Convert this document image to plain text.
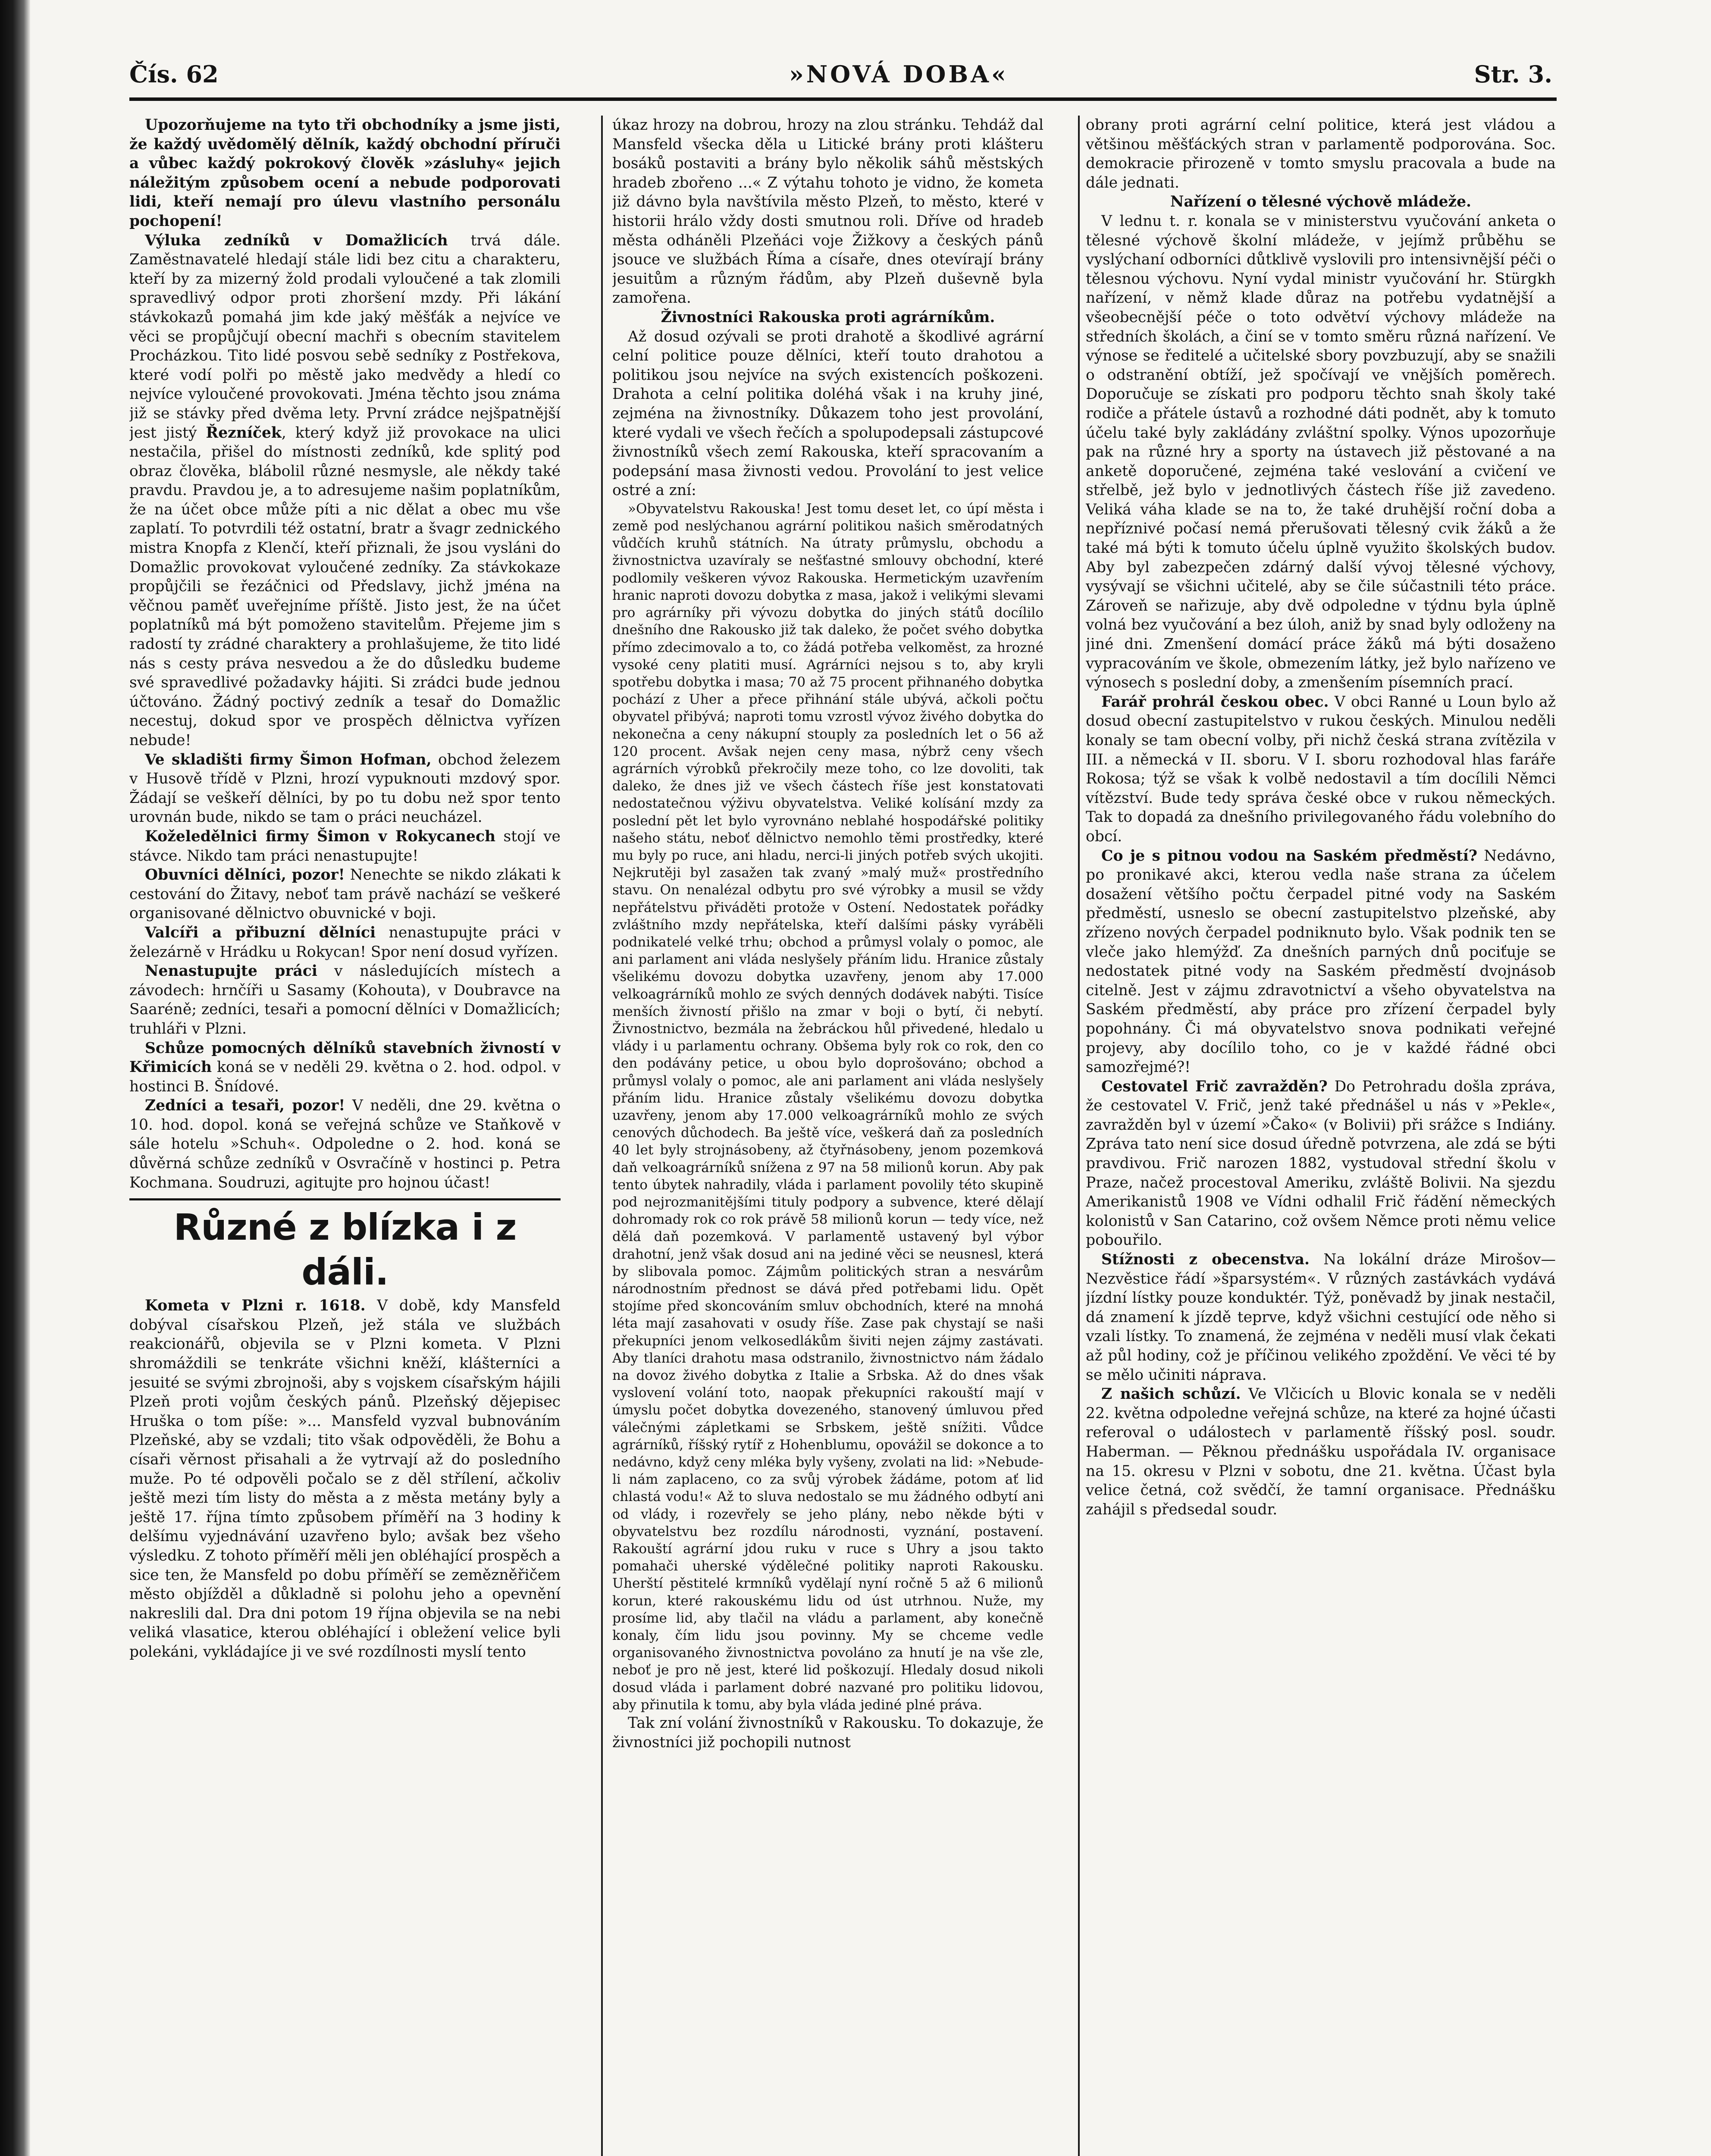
Čís. 62	»NOVÁ DOBA«	Str. 3.

Upozorňujeme na tyto tři obchodníky a jsme jisti, že každý uvědomělý dělník, každý obchodní příruči a vůbec každý pokrokový člověk »zásluhy« jejich náležitým způsobem ocení a nebude podporovati lidi, kteří nemají pro úlevu vlastního personálu pochopení!

Výluka zedníků v Domažlicích trvá dále. Zaměstnavatelé hledají stále lidi bez citu a charakteru, kteří by za mizerný žold prodali vyloučené a tak zlomili spravedlivý odpor proti zhoršení mzdy. Při lákání stávkokazů pomahá jim kde jaký měšťák a nejvíce ve věci se propůjčují obecní machři s obecním stavitelem Procházkou. Tito lidé posvou sebě sedníky z Postřekova, které vodí polři po městě jako medvědy a hledí co nejvíce vyloučené provokovati. Jména těchto jsou známa již se stávky před dvěma lety. První zrádce nejšpatnější jest jistý Řezníček, který když již provokace na ulici nestačila, přišel do místnosti zedníků, kde splitý pod obraz člověka, blábolil různé nesmysle, ale někdy také pravdu. Pravdou je, a to adresujeme našim poplatníkům, že na účet obce může píti a nic dělat a obec mu vše zaplatí. To potvrdili též ostatní, bratr a švagr zednického mistra Knopfa z Klenčí, kteří přiznali, že jsou vysláni do Domažlic provokovat vyloučené zedníky. Za stávkokaze propůjčili se řezáčnici od Předslavy, jichž jména na věčnou paměť uveřejníme příště. Jisto jest, že na účet poplatníků má být pomoženo stavitelům. Přejeme jim s radostí ty zrádné charaktery a prohlašujeme, že tito lidé nás s cesty práva nesvedou a že do důsledku budeme své spravedlivé požadavky hájiti. Si zrádci bude jednou účtováno. Žádný poctivý zedník a tesař do Domažlic necestuj, dokud spor ve prospěch dělnictva vyřízen nebude!

Ve skladišti firmy Šimon Hofman, obchod železem v Husově třídě v Plzni, hrozí vypuknouti mzdový spor. Žádají se veškeří dělníci, by po tu dobu než spor tento urovnán bude, nikdo se tam o práci neucházel.

Koželedělnici firmy Šimon v Rokycanech stojí ve stávce. Nikdo tam práci nenastupujte!

Obuvníci dělníci, pozor! Nenechte se nikdo zlákati k cestování do Žitavy, neboť tam právě nachází se veškeré organisované dělnictvo obuvnické v boji.

Valcíři a přibuzní dělníci nenastupujte práci v železárně v Hrádku u Rokycan! Spor není dosud vyřízen.

Nenastupujte práci v následujících místech a závodech: hrnčíři u Sasamy (Kohouta), v Doubravce na Saaréně; zedníci, tesaři a pomocní dělníci v Domažlicích; truhláři v Plzni.

Schůze pomocných dělníků stavebních živností v Křimicích koná se v neděli 29. května o 2. hod. odpol. v hostinci B. Šnídové.

Zedníci a tesaři, pozor! V neděli, dne 29. května o 10. hod. dopol. koná se veřejná schůze ve Staňkově v sále hotelu »Schuh«. Odpoledne o 2. hod. koná se důvěrná schůze zedníků v Osvračíně v hostinci p. Petra Kochmana. Soudruzi, agitujte pro hojnou účast!

Různé z blízka i z dáli.

Kometa v Plzni r. 1618. V době, kdy Mansfeld dobýval císařskou Plzeň, jež stála ve službách reakcionářů, objevila se v Plzni kometa. V Plzni shromáždili se tenkráte všichni kněží, klášterníci a jesuité se svými zbrojnoši, aby s vojskem císařským hájili Plzeň proti vojům českých pánů. Plzeňský dějepisec Hruška o tom píše: »... Mansfeld vyzval bubnováním Plzeňské, aby se vzdali; tito však odpověděli, že Bohu a císaři věrnost přisahali a že vytrvají až do posledního muže. Po té odpověli počalo se z děl střílení, ačkoliv ještě mezi tím listy do města a z města metány byly a ještě 17. října tímto způsobem příměří na 3 hodiny k delšímu vyjednávání uzavřeno bylo; avšak bez všeho výsledku. Z tohoto příměří měli jen obléhající prospěch a sice ten, že Mansfeld po dobu příměří se zemězněřičem město objížděl a důkladně si polohu jeho a opevnění nakreslili dal. Dra dni potom 19 října objevila se na nebi veliká vlasatice, kterou obléhající i obležení velice byli polekáni, vykládajíce ji ve své rozdílnosti myslí tento

úkaz hrozy na dobrou, hrozy na zlou stránku. Tehdáž dal Mansfeld všecka děla u Litické brány proti klášteru bosáků postaviti a brány bylo několik sáhů městských hradeb zbořeno ...« Z výtahu tohoto je vidno, že kometa již dávno byla navštívila město Plzeň, to město, které v historii hrálo vždy dosti smutnou roli. Dříve od hradeb města odháněli Plzeňáci voje Žižkovy a českých pánů jsouce ve službách Říma a císaře, dnes otevírají brány jesuitům a různým řádům, aby Plzeň duševně byla zamořena.

Živnostníci Rakouska proti agrárníkům.

Až dosud ozývali se proti drahotě a škodlivé agrární celní politice pouze dělníci, kteří touto drahotou a politikou jsou nejvíce na svých existencích poškozeni. Drahota a celní politika doléhá však i na kruhy jiné, zejména na živnostníky. Důkazem toho jest provolání, které vydali ve všech řečích a spolupodepsali zástupcové živnostníků všech zemí Rakouska, kteří spracovaním a podepsání masa živnosti vedou. Provolání to jest velice ostré a zní:

»Obyvatelstvu Rakouska! Jest tomu deset let, co úpí města i země pod neslýchanou agrární politikou našich směrodatných vůdčích kruhů státních. Na útraty průmyslu, obchodu a živnostnictva uzavíraly se nešťastné smlouvy obchodní, které podlomily veškeren vývoz Rakouska. Hermetickým uzavřením hranic naproti dovozu dobytka z masa, jakož i velikými slevami pro agrárníky při vývozu dobytka do jiných států docílilo dnešního dne Rakousko již tak daleko, že počet svého dobytka přímo zdecimovalo a to, co žádá potřeba velkoměst, za hrozné vysoké ceny platiti musí. Agrárníci nejsou s to, aby kryli spotřebu dobytka i masa; 70 až 75 procent přihnaného dobytka pochází z Uher a přece přihnání stále ubývá, ačkoli počtu obyvatel přibývá; naproti tomu vzrostl vývoz živého dobytka do nekonečna a ceny nákupní stouply za posledních let o 56 až 120 procent. Avšak nejen ceny masa, nýbrž ceny všech agrárních výrobků překročily meze toho, co lze dovoliti, tak daleko, že dnes již ve všech částech říše jest konstatovati nedostatečnou výživu obyvatelstva. Veliké kolísání mzdy za poslední pět let bylo vyrovnáno neblahé hospodářské politiky našeho státu, neboť dělnictvo nemohlo těmi prostředky, které mu byly po ruce, ani hladu, nerci-li jiných potřeb svých ukojiti. Nejkrutěji byl zasažen tak zvaný »malý muž« prostředního stavu. On nenalézal odbytu pro své výrobky a musil se vždy nepřátelstvu přiváděti protože v Ostení. Nedostatek pořádky zvláštního mzdy nepřátelska, kteří dalšími pásky vyráběli podnikatelé velké trhu; obchod a průmysl volaly o pomoc, ale ani parlament ani vláda neslyšely přáním lidu. Hranice zůstaly všelikému dovozu dobytka uzavřeny, jenom aby 17.000 velkoagrárníků mohlo ze svých denných dodávek nabýti. Tisíce menších živností přišlo na zmar v boji o bytí, či nebytí. Živnostnictvo, bezmála na žebráckou hůl přivedené, hledalo u vlády i u parlamentu ochrany. Obšema byly rok co rok, den co den podávány petice, u obou bylo doprošováno; obchod a průmysl volaly o pomoc, ale ani parlament ani vláda neslyšely přáním lidu. Hranice zůstaly všelikému dovozu dobytka uzavřeny, jenom aby 17.000 velkoagrárníků mohlo ze svých cenových důchodech. Ba ještě více, veškerá daň za posledních 40 let byly strojnásobeny, až čtyřnásobeny, jenom pozemková daň velkoagrárníků snížena z 97 na 58 milionů korun. Aby pak tento úbytek nahradily, vláda i parlament povolily této skupině pod nejrozmanitějšími tituly podpory a subvence, které dělají dohromady rok co rok právě 58 milionů korun — tedy více, než dělá daň pozemková. V parlamentě ustavený byl výbor drahotní, jenž však dosud ani na jediné věci se neusnesl, která by slibovala pomoc. Zájmům politických stran a nesvárům národnostním přednost se dává před potřebami lidu. Opět stojíme před skoncováním smluv obchodních, které na mnohá léta mají zasahovati v osudy říše. Zase pak chystají se naši překupníci jenom velkosedlákům šiviti nejen zájmy zastávati. Aby tlaníci drahotu masa odstranilo, živnostnictvo nám žádalo na dovoz živého dobytka z Italie a Srbska. Až do dnes však vyslovení volání toto, naopak překupníci rakouští mají v úmyslu počet dobytka dovezeného, stanovený úmluvou před válečnými zápletkami se Srbskem, ještě snížiti. Vůdce agrárníků, říšský rytíř z Hohenblumu, opovážil se dokonce a to nedávno, když ceny mléka byly vyšeny, zvolati na lid: »Nebude-li nám zaplaceno, co za svůj výrobek žádáme, potom ať lid chlastá vodu!« Až to sluva nedostalo se mu žádného odbytí ani od vlády, i rozevřely se jeho plány, nebo někde býti v obyvatelstvu bez rozdílu národnosti, vyznání, postavení. Rakouští agrární jdou ruku v ruce s Uhry a jsou takto pomahači uherské výdělečné politiky naproti Rakousku. Uherští pěstitelé krmníků vydělají nyní ročně 5 až 6 milionů korun, které rakouskému lidu od úst utrhnou. Nuže, my prosíme lid, aby tlačil na vládu a parlament, aby konečně konaly, čím lidu jsou povinny. My se chceme vedle organisovaného živnostnictva povoláno za hnutí je na vše zle, neboť je pro ně jest, které lid poškozují. Hledaly dosud nikoli dosud vláda i parlament dobré nazvané pro politiku lidovou, aby přinutila k tomu, aby byla vláda jediné plné práva.

Tak zní volání živnostníků v Rakousku. To dokazuje, že živnostníci již pochopili nutnost

obrany proti agrární celní politice, která jest vládou a většinou měšťáckých stran v parlamentě podporována. Soc. demokracie přirozeně v tomto smyslu pracovala a bude na dále jednati.

Nařízení o tělesné výchově mládeže.

V lednu t. r. konala se v ministerstvu vyučování anketa o tělesné výchově školní mládeže, v jejímž průběhu se vyslýchaní odborníci důtklivě vyslovili pro intensivnější péči o tělesnou výchovu. Nyní vydal ministr vyučování hr. Stürgkh nařízení, v němž klade důraz na potřebu vydatnější a všeobecnější péče o toto odvětví výchovy mládeže na středních školách, a činí se v tomto směru různá nařízení. Ve výnose se ředitelé a učitelské sbory povzbuzují, aby se snažili o odstranění obtíží, jež spočívají ve vnějších poměrech. Doporučuje se získati pro podporu těchto snah školy také rodiče a přátele ústavů a rozhodné dáti podnět, aby k tomuto účelu také byly zakládány zvláštní spolky. Výnos upozorňuje pak na různé hry a sporty na ústavech již pěstované a na anketě doporučené, zejména také veslování a cvičení ve střelbě, jež bylo v jednotlivých částech říše již zavedeno. Veliká váha klade se na to, že také druhější roční doba a nepříznivé počasí nemá přerušovati tělesný cvik žáků a že také má býti k tomuto účelu úplně využito školských budov. Aby byl zabezpečen zdárný další vývoj tělesné výchovy, vysývají se všichni učitelé, aby se čile súčastnili této práce. Zároveň se nařizuje, aby dvě odpoledne v týdnu byla úplně volná bez vyučování a bez úloh, aniž by snad byly odloženy na jiné dni. Zmenšení domácí práce žáků má býti dosaženo vypracováním ve škole, obmezením látky, jež bylo nařízeno ve výnosech s poslední doby, a zmenšením písemních prací.

Farář prohrál českou obec. V obci Ranné u Loun bylo až dosud obecní zastupitelstvo v rukou českých. Minulou neděli konaly se tam obecní volby, při nichž česká strana zvítězila v III. a německá v II. sboru. V I. sboru rozhodoval hlas faráře Rokosa; týž se však k volbě nedostavil a tím docílili Němci vítězství. Bude tedy správa české obce v rukou německých. Tak to dopadá za dnešního privilegovaného řádu volebního do obcí.

Co je s pitnou vodou na Saském předměstí? Nedávno, po pronikavé akci, kterou vedla naše strana za účelem dosažení většího počtu čerpadel pitné vody na Saském předměstí, usneslo se obecní zastupitelstvo plzeňské, aby zřízeno nových čerpadel podniknuto bylo. Však podnik ten se vleče jako hlemýžď. Za dnešních parných dnů pociťuje se nedostatek pitné vody na Saském předměstí dvojnásob citelně. Jest v zájmu zdravotnictví a všeho obyvatelstva na Saském předměstí, aby práce pro zřízení čerpadel byly popohnány. Či má obyvatelstvo snova podnikati veřejné projevy, aby docílilo toho, co je v každé řádné obci samozřejmé?!

Cestovatel Frič zavražděn? Do Petrohradu došla zpráva, že cestovatel V. Frič, jenž také přednášel u nás v »Pekle«, zavražděn byl v území »Čako« (v Bolivii) při srážce s Indiány. Zpráva tato není sice dosud úředně potvrzena, ale zdá se býti pravdivou. Frič narozen 1882, vystudoval střední školu v Praze, načež procestoval Ameriku, zvláště Bolivii. Na sjezdu Amerikanistů 1908 ve Vídni odhalil Frič řádění německých kolonistů v San Catarino, což ovšem Němce proti němu velice pobouřilo.

Stížnosti z obecenstva. Na lokální dráze Mirošov—Nezvěstice řádí »šparsystém«. V různých zastávkách vydává jízdní lístky pouze konduktér. Týž, poněvadž by jinak nestačil, dá znamení k jízdě teprve, když všichni cestující ode něho si vzali lístky. To znamená, že zejména v neděli musí vlak čekati až půl hodiny, což je příčinou velikého zpoždění. Ve věci té by se mělo učiniti náprava.

Z našich schůzí. Ve Vlčicích u Blovic konala se v neděli 22. května odpoledne veřejná schůze, na které za hojné účasti referoval o událostech v parlamentě říšský posl. soudr. Haberman. — Pěknou přednášku uspořádala IV. organisace na 15. okresu v Plzni v sobotu, dne 21. května. Účast byla velice četná, což svědčí, že tamní organisace. Přednášku zahájil s předsedal soudr.
